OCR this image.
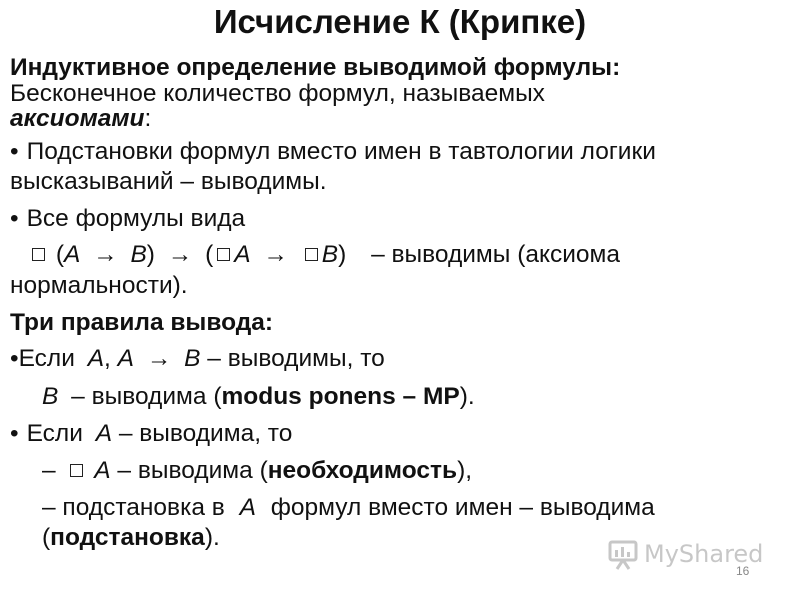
Исчисление К (Крипке)
Индуктивное определение выводимой формулы:
Бесконечное количество формул, называемых
аксиомами:
• Подстановки формул вместо имен в тавтологии логики
высказываний – выводимы.
• Все формулы вида
(A → B) → ( A → B) – выводимы (аксиома
нормальности).
Три правила вывода:
•Если A, A → B – выводимы, то
B – выводима (modus ponens – MP).
• Если A – выводима, то
– A – выводима (необходимость),
– подстановка в A формул вместо имен – выводима
(подстановка).
MyShared
16
